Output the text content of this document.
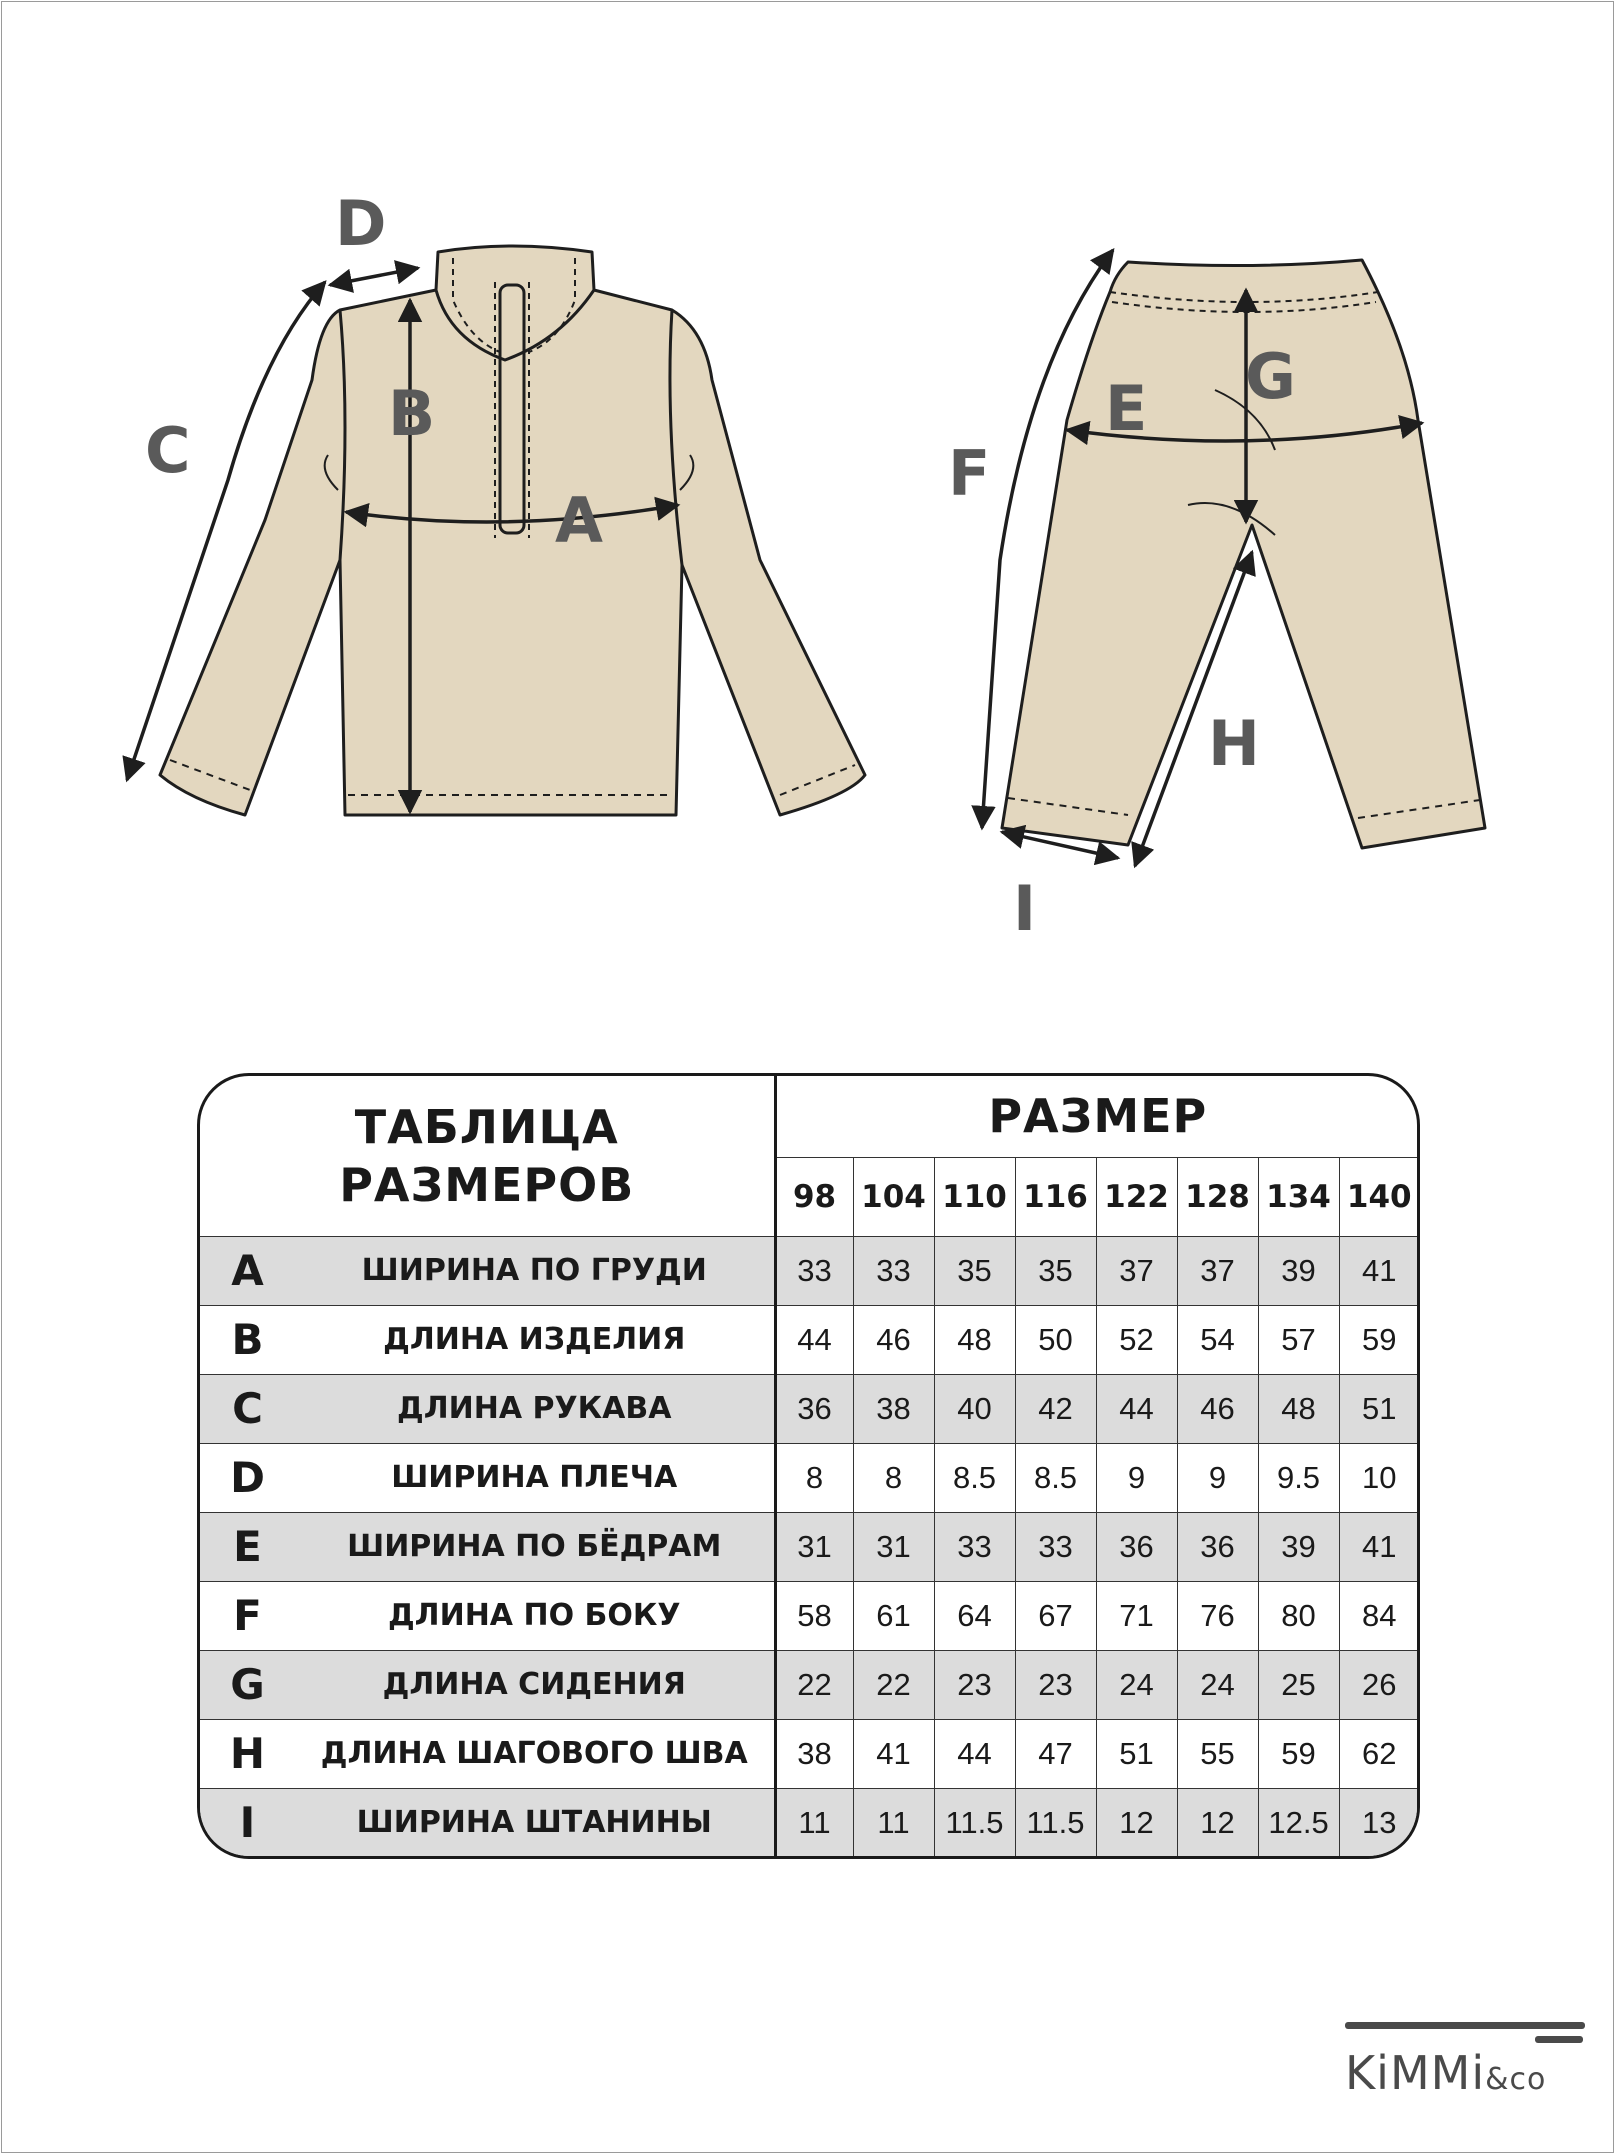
A
B
C
D
E
F
G
H
I
ТАБЛИЦА
РАЗМЕРОВ		РАЗМЕР							
		98	104	110	116	122	128	134	140
A	ШИРИНА ПО ГРУДИ	33	33	35	35	37	37	39	41
B	ДЛИНА ИЗДЕЛИЯ	44	46	48	50	52	54	57	59
C	ДЛИНА РУКАВА	36	38	40	42	44	46	48	51
D	ШИРИНА ПЛЕЧА	8	8	8.5	8.5	9	9	9.5	10
E	ШИРИНА ПО БЁДРАМ	31	31	33	33	36	36	39	41
F	ДЛИНА ПО БОКУ	58	61	64	67	71	76	80	84
G	ДЛИНА СИДЕНИЯ	22	22	23	23	24	24	25	26
H	ДЛИНА ШАГОВОГО ШВА	38	41	44	47	51	55	59	62
I	ШИРИНА ШТАНИНЫ	11	11	11.5	11.5	12	12	12.5	13
KiMMi&co
